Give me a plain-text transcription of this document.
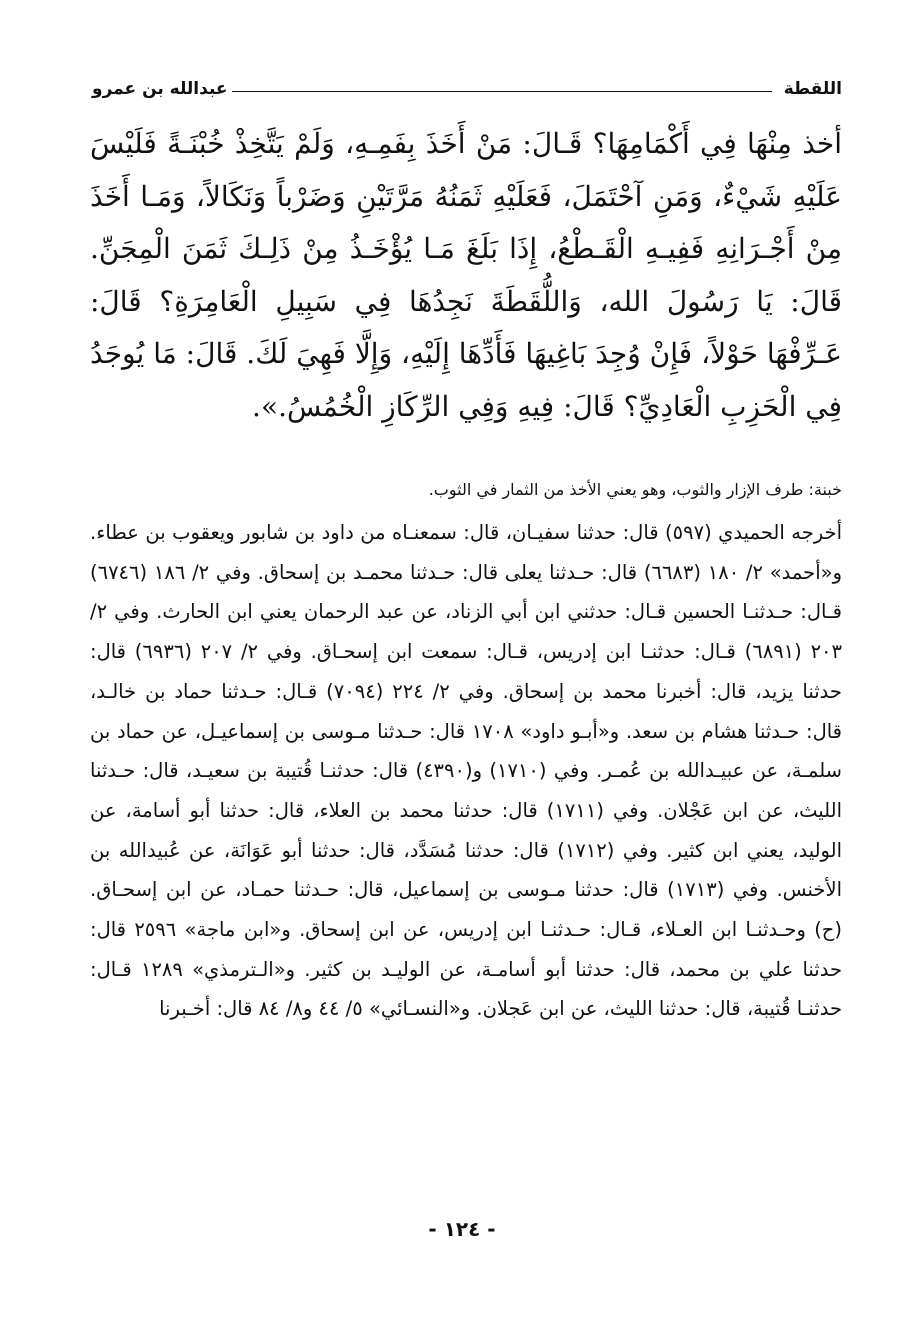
اللقطة
عبدالله بن عمرو

أخذ مِنْهَا فِي أَكْمَامِهَا؟ قَـالَ: مَنْ أَخَذَ بِفَمِـهِ، وَلَمْ يَتَّخِذْ خُبْنَـةً فَلَيْسَ عَلَيْهِ شَيْءٌ، وَمَنِ آحْتَمَلَ، فَعَلَيْهِ ثَمَنُهُ مَرَّتَيْنِ وَضَرْباً وَنَكَالاً، وَمَـا أَخَذَ مِنْ أَجْـرَانِهِ فَفِيـهِ الْقَـطْعُ، إِذَا بَلَغَ مَـا يُؤْخَـذُ مِنْ ذَلِـكَ ثَمَنَ الْمِجَنِّ. قَالَ: يَا رَسُولَ الله، وَاللُّقَطَةَ نَجِدُهَا فِي سَبِيلِ الْعَامِرَةِ؟ قَالَ: عَـرِّفْهَا حَوْلاً، فَإِنْ وُجِدَ بَاغِيهَا فَأَدِّهَا إِلَيْهِ، وَإِلَّا فَهِيَ لَكَ. قَالَ: مَا يُوجَدُ فِي الْحَزِبِ الْعَادِيِّ؟ قَالَ: فِيهِ وَفِي الرِّكَازِ الْخُمُسُ.».

خبنة: طرف الإزار والثوب، وهو يعني الأخذ من الثمار في الثوب.

أخرجه الحميدي (٥٩٧) قال: حدثنا سفيـان، قال: سمعنـاه من داود بن شابور ويعقوب بن عطاء. و«أحمد» ٢/ ١٨٠ (٦٦٨٣) قال: حـدثنا يعلى قال: حـدثنا محمـد بن إسحاق. وفي ٢/ ١٨٦ (٦٧٤٦) قـال: حـدثنـا الحسين قـال: حدثني ابن أبي الزناد، عن عبد الرحمان يعني ابن الحارث. وفي ٢/ ٢٠٣ (٦٨٩١) قـال: حدثنـا ابن إدريس، قـال: سمعت ابن إسحـاق. وفي ٢/ ٢٠٧ (٦٩٣٦) قال: حدثنا يزيد، قال: أخبرنا محمد بن إسحاق. وفي ٢/ ٢٢٤ (٧٠٩٤) قـال: حـدثنا حماد بن خالـد، قال: حـدثنا هشام بن سعد. و«أبـو داود» ١٧٠٨ قال: حـدثنا مـوسى بن إسماعيـل، عن حماد بن سلمـة، عن عبيـدالله بن عُمـر. وفي (١٧١٠) و(٤٣٩٠) قال: حدثنـا قُتيبة بن سعيـد، قال: حـدثنا الليث، عن ابن عَجْلان. وفي (١٧١١) قال: حدثنا محمد بن العلاء، قال: حدثنا أبو أسامة، عن الوليد، يعني ابن كثير. وفي (١٧١٢) قال: حدثنا مُسَدَّد، قال: حدثنا أبو عَوَانَة، عن عُبيدالله بن الأخنس. وفي (١٧١٣) قال: حدثنا مـوسى بن إسماعيل، قال: حـدثنا حمـاد، عن ابن إسحـاق. (ح) وحـدثنـا ابن العـلاء، قـال: حـدثنـا ابن إدريس، عن ابن إسحاق. و«ابن ماجة» ٢٥٩٦ قال: حدثنا علي بن محمد، قال: حدثنا أبو أسامـة، عن الوليـد بن كثير. و«الـترمذي» ١٢٨٩ قـال: حدثنـا قُتيبة، قال: حدثنا الليث، عن ابن عَجلان. و«النسـائي» ٥/ ٤٤ و٨/ ٨٤ قال: أخـبرنا

- ١٢٤ -
